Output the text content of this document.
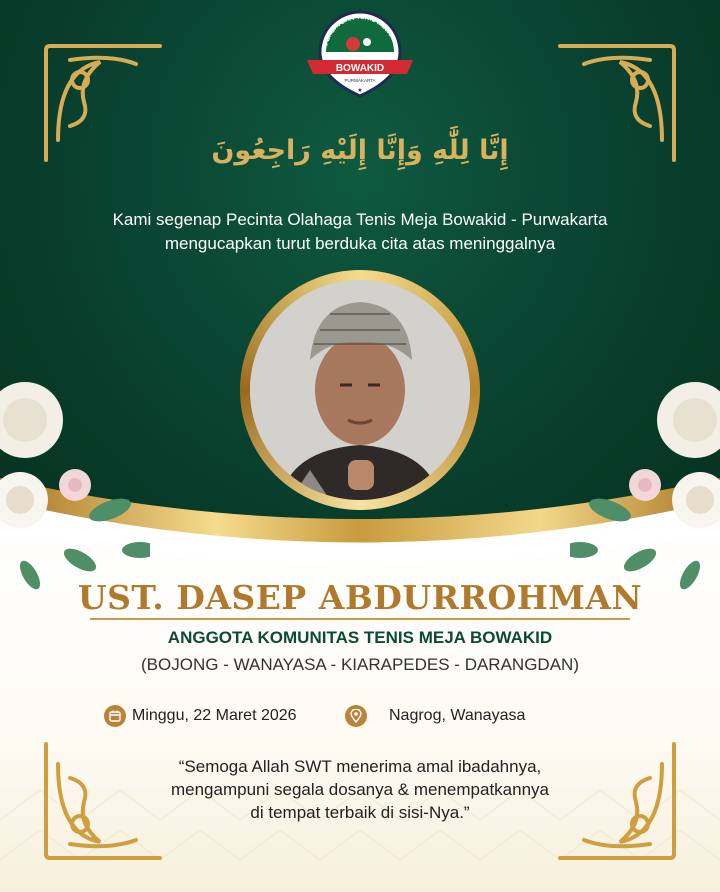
PERSATUAN TENIS MEJA
BOWAKID
PURWAKARTA
★
إِنَّا لِلَّٰهِ وَإِنَّا إِلَيْهِ رَاجِعُونَ
Kami segenap Pecinta Olahaga Tenis Meja Bowakid - Purwakarta
mengucapkan turut berduka cita atas meninggalnya
UST. DASEP ABDURROHMAN
ANGGOTA KOMUNITAS TENIS MEJA BOWAKID
(BOJONG - WANAYASA - KIARAPEDES - DARANGDAN)
Minggu, 22 Maret 2026	Nagrog, Wanayasa
“Semoga Allah SWT menerima amal ibadahnya,
mengampuni segala dosanya & menempatkannya
di tempat terbaik di sisi-Nya.”
